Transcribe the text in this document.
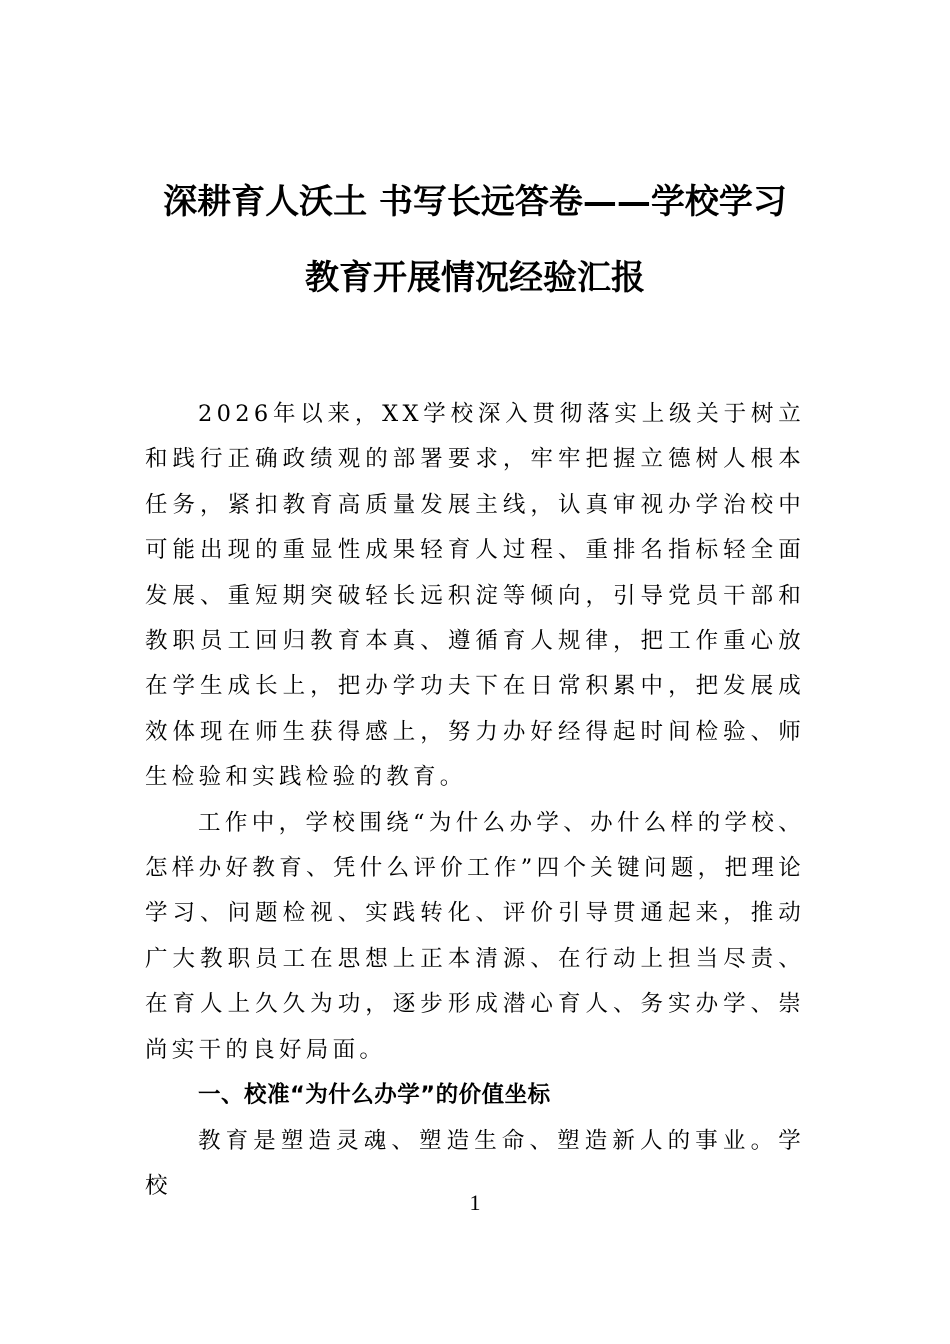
深耕育人沃土 书写长远答卷——学校学习
教育开展情况经验汇报

2026年以来，XX学校深入贯彻落实上级关于树立和践行正确政绩观的部署要求，牢牢把握立德树人根本任务，紧扣教育高质量发展主线，认真审视办学治校中可能出现的重显性成果轻育人过程、重排名指标轻全面发展、重短期突破轻长远积淀等倾向，引导党员干部和教职员工回归教育本真、遵循育人规律，把工作重心放在学生成长上，把办学功夫下在日常积累中，把发展成效体现在师生获得感上，努力办好经得起时间检验、师生检验和实践检验的教育。

工作中，学校围绕“为什么办学、办什么样的学校、怎样办好教育、凭什么评价工作”四个关键问题，把理论学习、问题检视、实践转化、评价引导贯通起来，推动广大教职员工在思想上正本清源、在行动上担当尽责、在育人上久久为功，逐步形成潜心育人、务实办学、崇尚实干的良好局面。

一、校准“为什么办学”的价值坐标

教育是塑造灵魂、塑造生命、塑造新人的事业。学校

1
